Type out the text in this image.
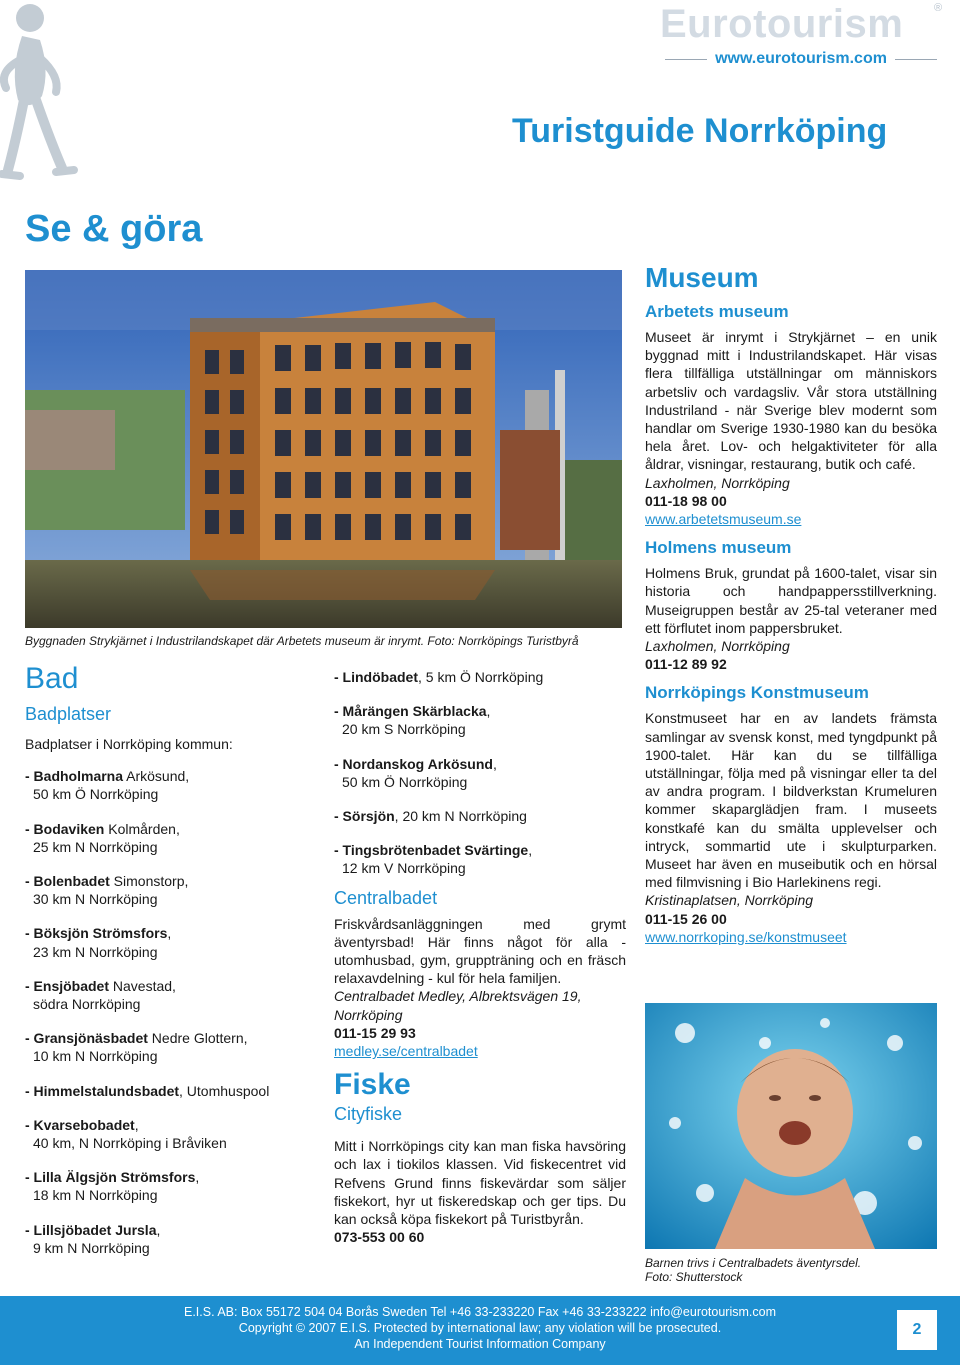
Eurotourism	®
www.eurotourism.com
Turistguide Norrköping
Se & göra
Byggnaden Strykjärnet i Industrilandskapet där Arbetets museum är inrymt. Foto: Norrköpings Turistbyrå
Bad
Badplatser
Badplatser i Norrköping kommun:
- Badholmarna Arkösund,
50 km Ö Norrköping
- Bodaviken Kolmården,
25 km N Norrköping
- Bolenbadet Simonstorp,
30 km N Norrköping
- Böksjön Strömsfors,
23 km N Norrköping
- Ensjöbadet Navestad,
södra Norrköping
- Gransjönäsbadet Nedre Glottern,
10 km N Norrköping
- Himmelstalundsbadet, Utomhuspool
- Kvarsebobadet,
40 km, N Norrköping i Bråviken
- Lilla Älgsjön Strömsfors,
18 km N Norrköping
- Lillsjöbadet Jursla,
9 km N Norrköping
- Lindöbadet, 5 km Ö Norrköping
- Mårängen Skärblacka,
20 km S Norrköping
- Nordanskog Arkösund,
50 km Ö Norrköping
- Sörsjön, 20 km N Norrköping
- Tingsbrötenbadet Svärtinge,
12 km V Norrköping
Centralbadet
Friskvårdsanläggningen med grymt äventyrsbad! Här finns något för alla - utomhusbad, gym, gruppträning och en fräsch relaxavdelning - kul för hela familjen.
Centralbadet Medley, Albrektsvägen 19, Norrköping
011-15 29 93
medley.se/centralbadet
Fiske
Cityfiske
Mitt i Norrköpings city kan man fiska havsöring och lax i tiokilos klassen. Vid fiskecentret vid Refvens Grund finns fiskevärdar som säljer fiskekort, hyr ut fiskeredskap och ger tips. Du kan också köpa fiskekort på Turistbyrån.
073-553 00 60
Museum
Arbetets museum
Museet är inrymt i Strykjärnet – en unik byggnad mitt i Industrilandskapet. Här visas flera tillfälliga utställningar om människors arbetsliv och vardagsliv. Vår stora utställning Industriland - när Sverige blev modernt som handlar om Sverige 1930-1980 kan du besöka hela året. Lov- och helgaktiviteter för alla åldrar, visningar, restaurang, butik och café.
Laxholmen, Norrköping
011-18 98 00
www.arbetetsmuseum.se
Holmens museum
Holmens Bruk, grundat på 1600-talet, visar sin historia och handpappersstillverkning. Museigruppen består av 25-tal veteraner med ett förflutet inom pappersbruket.
Laxholmen, Norrköping
011-12 89 92
Norrköpings Konstmuseum
Konstmuseet har en av landets främsta samlingar av svensk konst, med tyngdpunkt på 1900-talet. Här kan du se tillfälliga utställningar, följa med på visningar eller ta del av andra program. I bildverkstan Krumeluren kommer skaparglädjen fram. I museets konstkafé kan du smälta upplevelser och intryck, sommartid ute i skulpturparken. Museet har även en museibutik och en hörsal med filmvisning i Bio Harlekinens regi.
Kristinaplatsen, Norrköping
011-15 26 00
www.norrkoping.se/konstmuseet
Barnen trivs i Centralbadets äventyrsdel.
Foto: Shutterstock
E.I.S. AB: Box 55172 504 04 Borås Sweden Tel +46 33-233220 Fax +46 33-233222 info@eurotourism.com
Copyright © 2007 E.I.S. Protected by international law; any violation will be prosecuted.
An Independent Tourist Information Company
2
